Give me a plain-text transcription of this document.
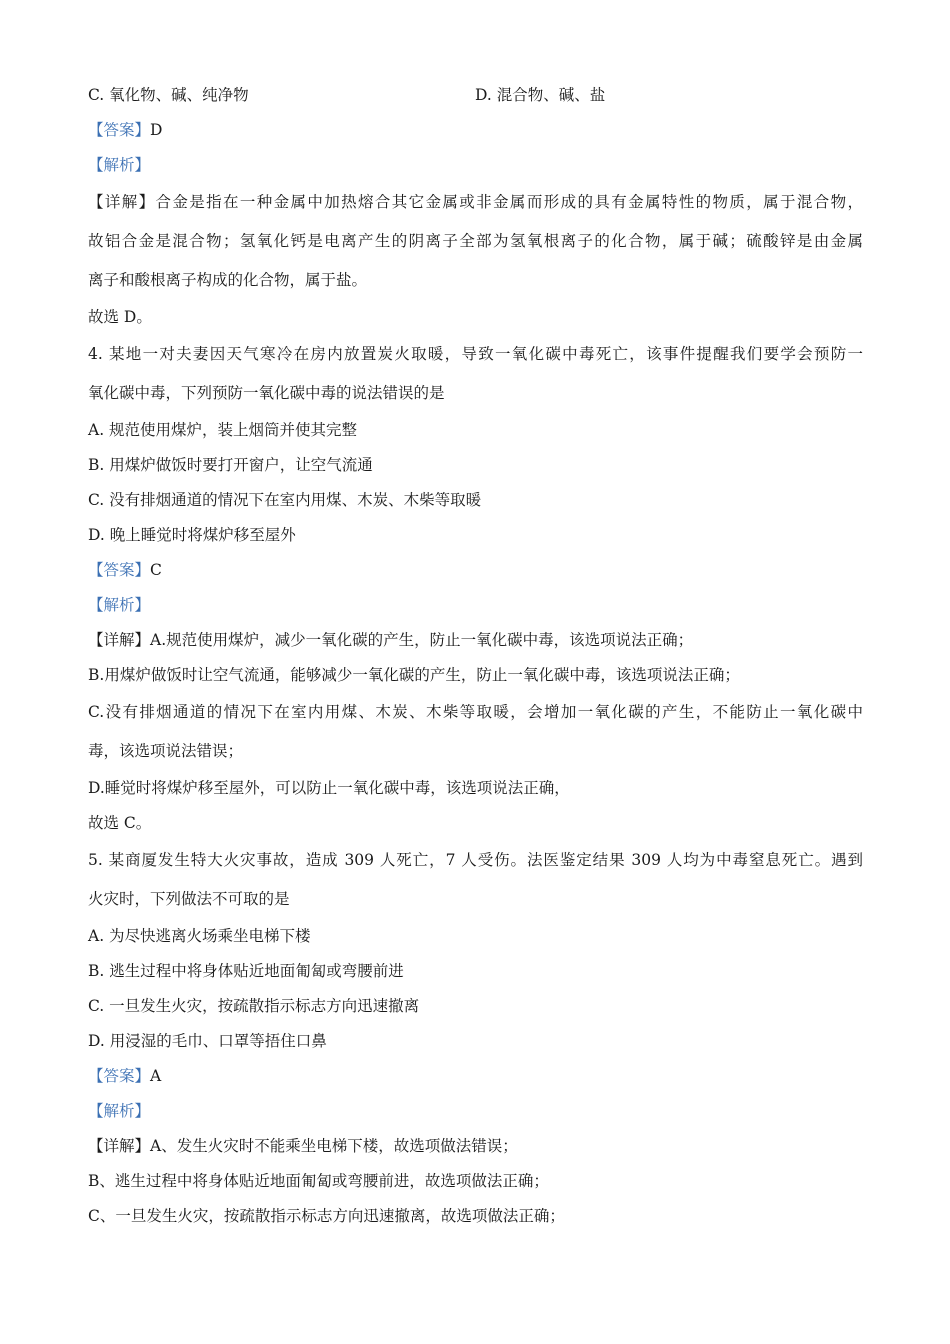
C. 氧化物、碱、纯净物	D. 混合物、碱、盐
【答案】D
【解析】
【详解】合金是指在一种金属中加热熔合其它金属或非金属而形成的具有金属特性的物质，属于混合物，
故铝合金是混合物；氢氧化钙是电离产生的阴离子全部为氢氧根离子的化合物，属于碱；硫酸锌是由金属
离子和酸根离子构成的化合物，属于盐。
故选 D。
4. 某地一对夫妻因天气寒冷在房内放置炭火取暖，导致一氧化碳中毒死亡，该事件提醒我们要学会预防一
氧化碳中毒，下列预防一氧化碳中毒的说法错误的是
A. 规范使用煤炉，装上烟筒并使其完整
B. 用煤炉做饭时要打开窗户，让空气流通
C. 没有排烟通道的情况下在室内用煤、木炭、木柴等取暖
D. 晚上睡觉时将煤炉移至屋外
【答案】C
【解析】
【详解】A.规范使用煤炉，减少一氧化碳的产生，防止一氧化碳中毒，该选项说法正确；
B.用煤炉做饭时让空气流通，能够减少一氧化碳的产生，防止一氧化碳中毒，该选项说法正确；
C.没有排烟通道的情况下在室内用煤、木炭、木柴等取暖，会增加一氧化碳的产生，不能防止一氧化碳中
毒，该选项说法错误；
D.睡觉时将煤炉移至屋外，可以防止一氧化碳中毒，该选项说法正确，
故选 C。
5. 某商厦发生特大火灾事故，造成 309 人死亡，7 人受伤。法医鉴定结果 309 人均为中毒窒息死亡。遇到
火灾时，下列做法不可取的是
A. 为尽快逃离火场乘坐电梯下楼
B. 逃生过程中将身体贴近地面匍匐或弯腰前进
C. 一旦发生火灾，按疏散指示标志方向迅速撤离
D. 用浸湿的毛巾、口罩等捂住口鼻
【答案】A
【解析】
【详解】A、发生火灾时不能乘坐电梯下楼，故选项做法错误；
B、逃生过程中将身体贴近地面匍匐或弯腰前进，故选项做法正确；
C、一旦发生火灾，按疏散指示标志方向迅速撤离，故选项做法正确；
